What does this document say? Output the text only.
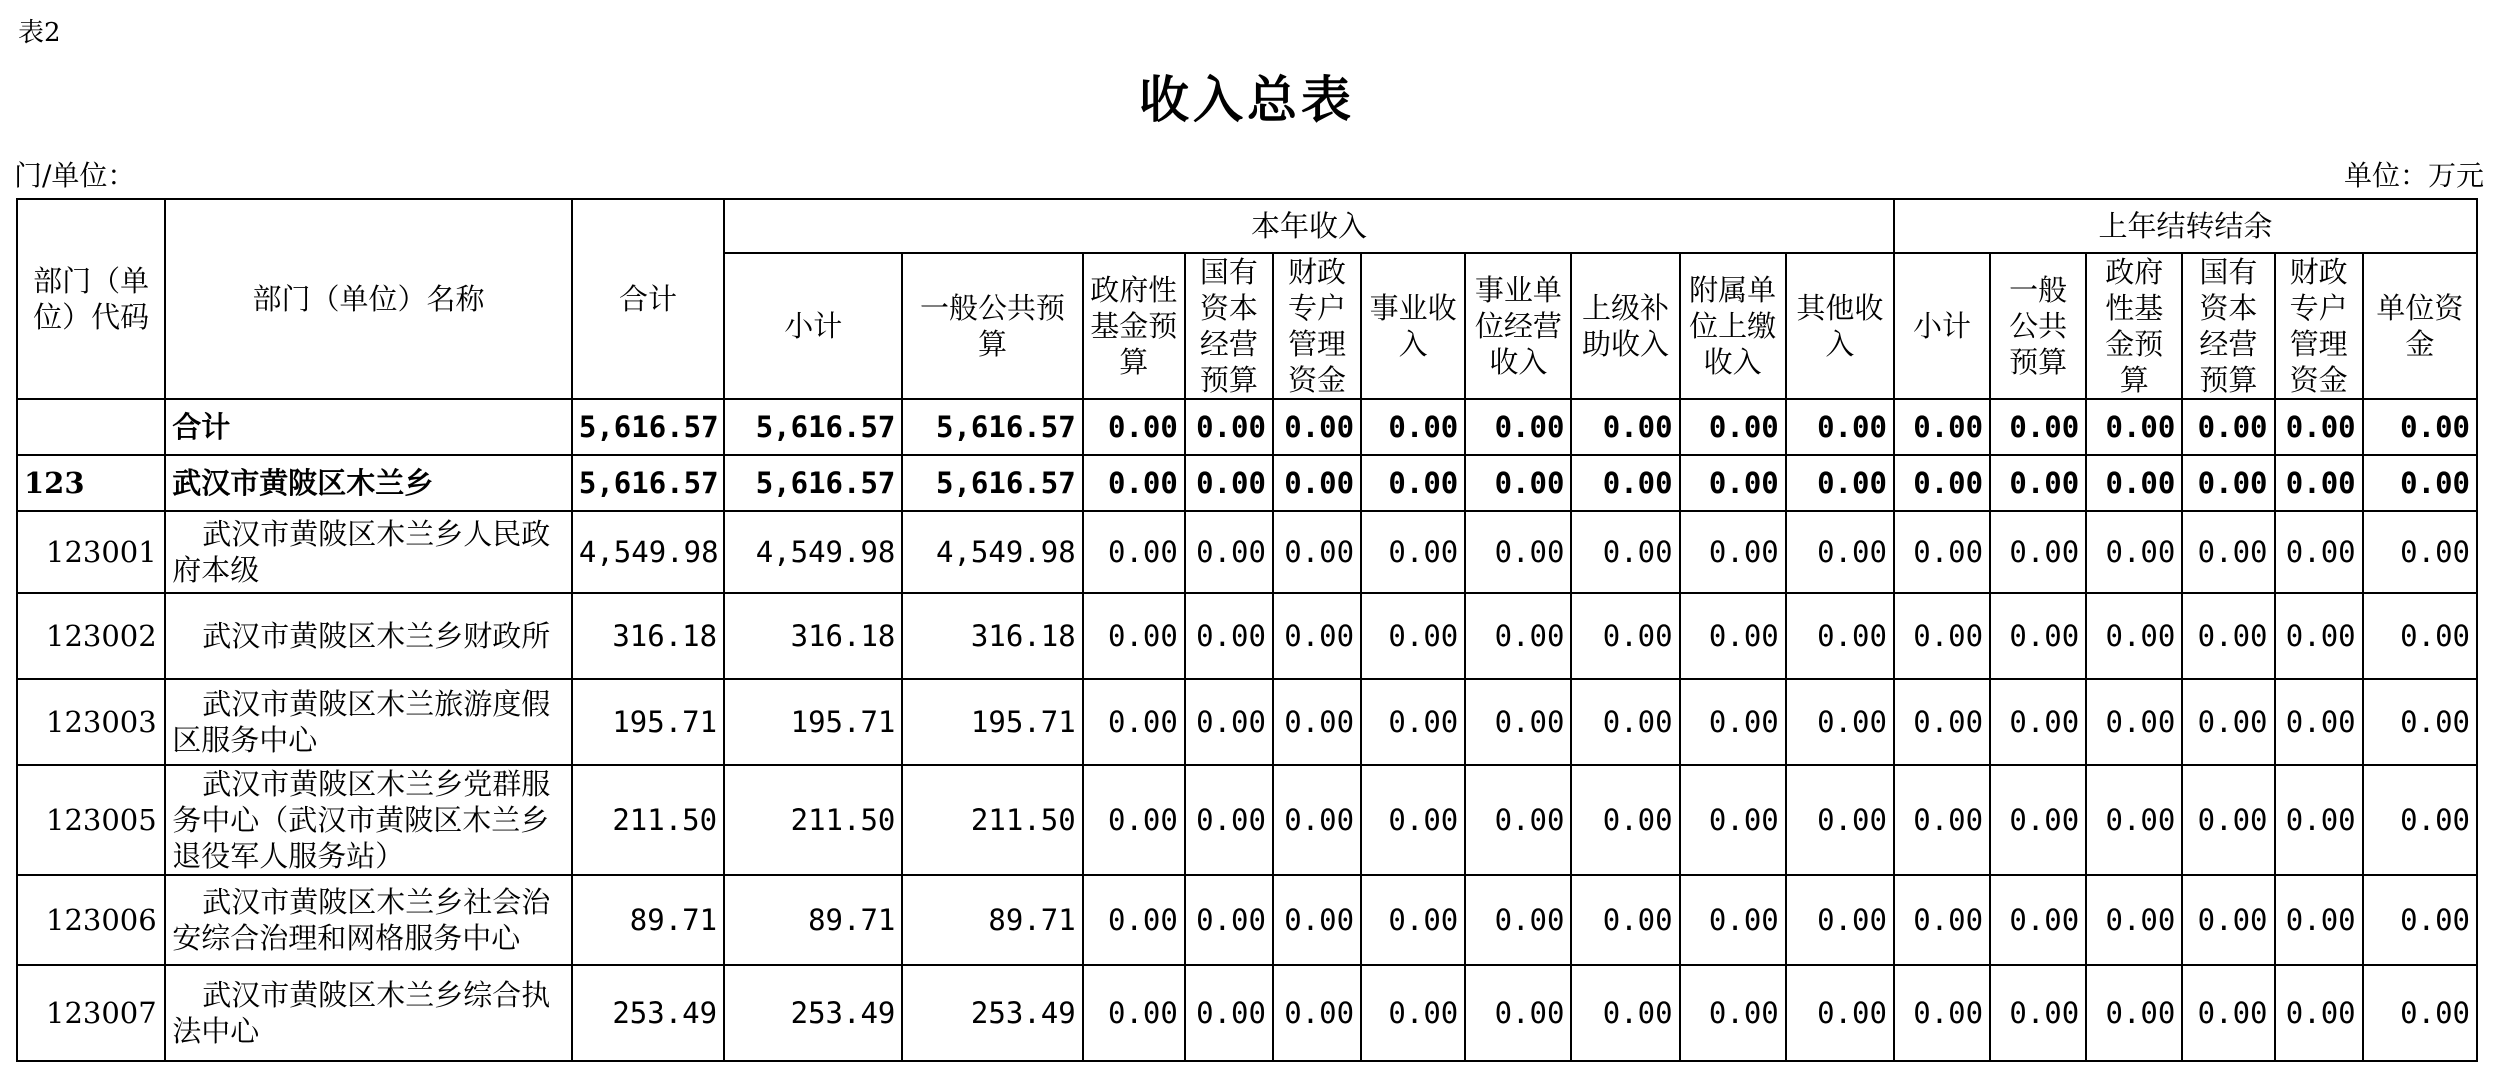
表2
收入总表
门/单位：	单位：万元
部门（单位）代码	部门（单位）名称	合计	本年收入										上年结转结余					
			小计	一般公共预算	政府性基金预算	国有资本经营预算	财政专户管理资金	事业收入	事业单位经营收入	上级补助收入	附属单位上缴收入	其他收入	小计	一般公共预算	政府性基金预算	国有资本经营预算	财政专户管理资金	单位资金
	合计	5,616.57	5,616.57	5,616.57	0.00	0.00	0.00	0.00	0.00	0.00	0.00	0.00	0.00	0.00	0.00	0.00	0.00	0.00
123	武汉市黄陂区木兰乡	5,616.57	5,616.57	5,616.57	0.00	0.00	0.00	0.00	0.00	0.00	0.00	0.00	0.00	0.00	0.00	0.00	0.00	0.00
123001	武汉市黄陂区木兰乡人民政府本级	4,549.98	4,549.98	4,549.98	0.00	0.00	0.00	0.00	0.00	0.00	0.00	0.00	0.00	0.00	0.00	0.00	0.00	0.00
123002	武汉市黄陂区木兰乡财政所	316.18	316.18	316.18	0.00	0.00	0.00	0.00	0.00	0.00	0.00	0.00	0.00	0.00	0.00	0.00	0.00	0.00
123003	武汉市黄陂区木兰旅游度假区服务中心	195.71	195.71	195.71	0.00	0.00	0.00	0.00	0.00	0.00	0.00	0.00	0.00	0.00	0.00	0.00	0.00	0.00
123005	武汉市黄陂区木兰乡党群服务中心（武汉市黄陂区木兰乡退役军人服务站）	211.50	211.50	211.50	0.00	0.00	0.00	0.00	0.00	0.00	0.00	0.00	0.00	0.00	0.00	0.00	0.00	0.00
123006	武汉市黄陂区木兰乡社会治安综合治理和网格服务中心	89.71	89.71	89.71	0.00	0.00	0.00	0.00	0.00	0.00	0.00	0.00	0.00	0.00	0.00	0.00	0.00	0.00
123007	武汉市黄陂区木兰乡综合执法中心	253.49	253.49	253.49	0.00	0.00	0.00	0.00	0.00	0.00	0.00	0.00	0.00	0.00	0.00	0.00	0.00	0.00
